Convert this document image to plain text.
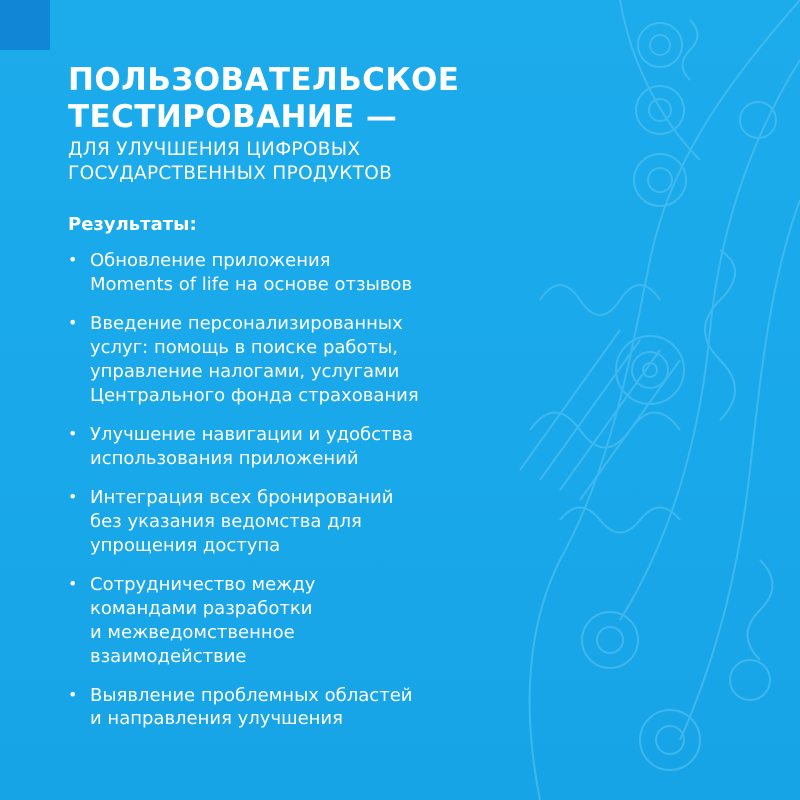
ПОЛЬЗОВАТЕЛЬСКОЕ
ТЕСТИРОВАНИЕ —
ДЛЯ УЛУЧШЕНИЯ ЦИФРОВЫХ
ГОСУДАРСТВЕННЫХ ПРОДУКТОВ
Результаты:
• Обновление приложения
Moments of life на основе отзывов
• Введение персонализированных
услуг: помощь в поиске работы,
управление налогами, услугами
Центрального фонда страхования
• Улучшение навигации и удобства
использования приложений
• Интеграция всех бронирований
без указания ведомства для
упрощения доступа
• Сотрудничество между
командами разработки
и межведомственное
взаимодействие
• Выявление проблемных областей
и направления улучшения
